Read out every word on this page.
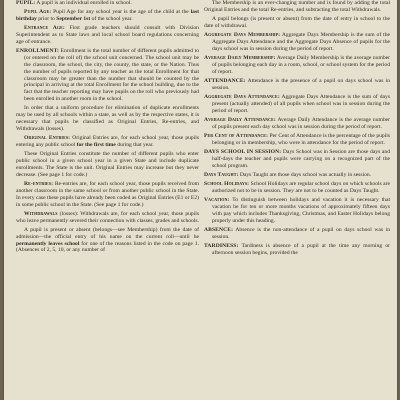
PUPIL: A pupil is an individual enrolled in school.

Pupil Age: Pupil Age for any school year is the age of the child at the last birthday prior to September 1st of the school year.

Entrance Age: First grade teachers should consult with Division Superintendent as to State laws and local school board regulations concerning age of entrance.

ENROLLMENT: Enrollment is the total number of different pupils admitted to (or entered on the roll of) the school unit concerned. The school unit may be the classroom, the school, the city, the county, the state, or the Nation. Thus the number of pupils reported by any teacher as the total Enrollment for that classroom may be greater than the number that should be counted by the principal in arriving at the total Enrollment for the school building, due to the fact that the teacher reporting may have pupils on the roll who previously had been enrolled in another room in the school.

In order that a uniform procedure for elimination of duplicate enrollments may be used by all schools within a state, as well as by the respective states, it is necessary that pupils be classified as Original Entries, Re-entries, and Withdrawals (losses).

Original Entries: Original Entries are, for each school year, those pupils entering any public school for the first time during that year.

These Original Entries constitute the number of different pupils who enter public school in a given school year in a given State and include duplicate enrollments. The State is the unit. Original Entries may increase but they never decrease. (See page 1 for code.)

Re-entries: Re-entries are, for each school year, those pupils received from another classroom in the same school or from another public school in the State. In every case these pupils have already been coded as Original Entries (E1 or E2) in some public school in the State. (See page 1 for code.)

Withdrawals (losses): Withdrawals are, for each school year, those pupils who leave permanently severed their connection with classes, grades and schools.

A pupil is present or absent (belongs—see Membership) from the date of admission—the official entry of his name on the current roll—until he permanently leaves school for one of the reasons listed in the code on page 1. (Absences of 2, 5, 10, or any number of

The Membership is an ever-changing number and is found by adding the total Original Entries and the total Re-entries, and subtracting the total Withdrawals.

A pupil belongs (is present or absent) from the date of entry in school to the date of withdrawal.

Aggregate Days Membership: Aggregate Days Membership is the sum of the Aggregate Days Attendance and the Aggregate Days Absence of pupils for the days school was in session during the period of report.

Average Daily Membership: Average Daily Membership is the average number of pupils belonging each day in a room, school, or school system for the period of report.

ATTENDANCE: Attendance is the presence of a pupil on days school was in session.

Aggregate Days Attendance: Aggregate Days Attendance is the sum of days present (actually attended) of all pupils when school was in session during the period of report.

Average Daily Attendance: Average Daily Attendance is the average number of pupils present each day school was in session during the period of report.

Per Cent of Attendance: Per Cent of Attendance is the percentage of the pupils belonging or in membership, who were in attendance for the period of report.

DAYS SCHOOL IN SESSION: Days School was in Session are those days and half-days the teacher and pupils were carrying on a recognized part of the school program.

Days Taught: Days Taught are those days school was actually in session.

School Holidays: School Holidays are regular school days on which schools are authorized not to be in session. They are not to be counted as Days Taught.

Vacation: To distinguish between holidays and vacation it is necessary that vacation be for ten or more months vacations of approximately fifteen days with pay which includes Thanksgiving, Christmas, and Easter Holidays belong properly under this heading.

ABSENCE: Absence is the non-attendance of a pupil on days school was in session.

TARDINESS: Tardiness is absence of a pupil at the time any morning or afternoon session begins, provided the
